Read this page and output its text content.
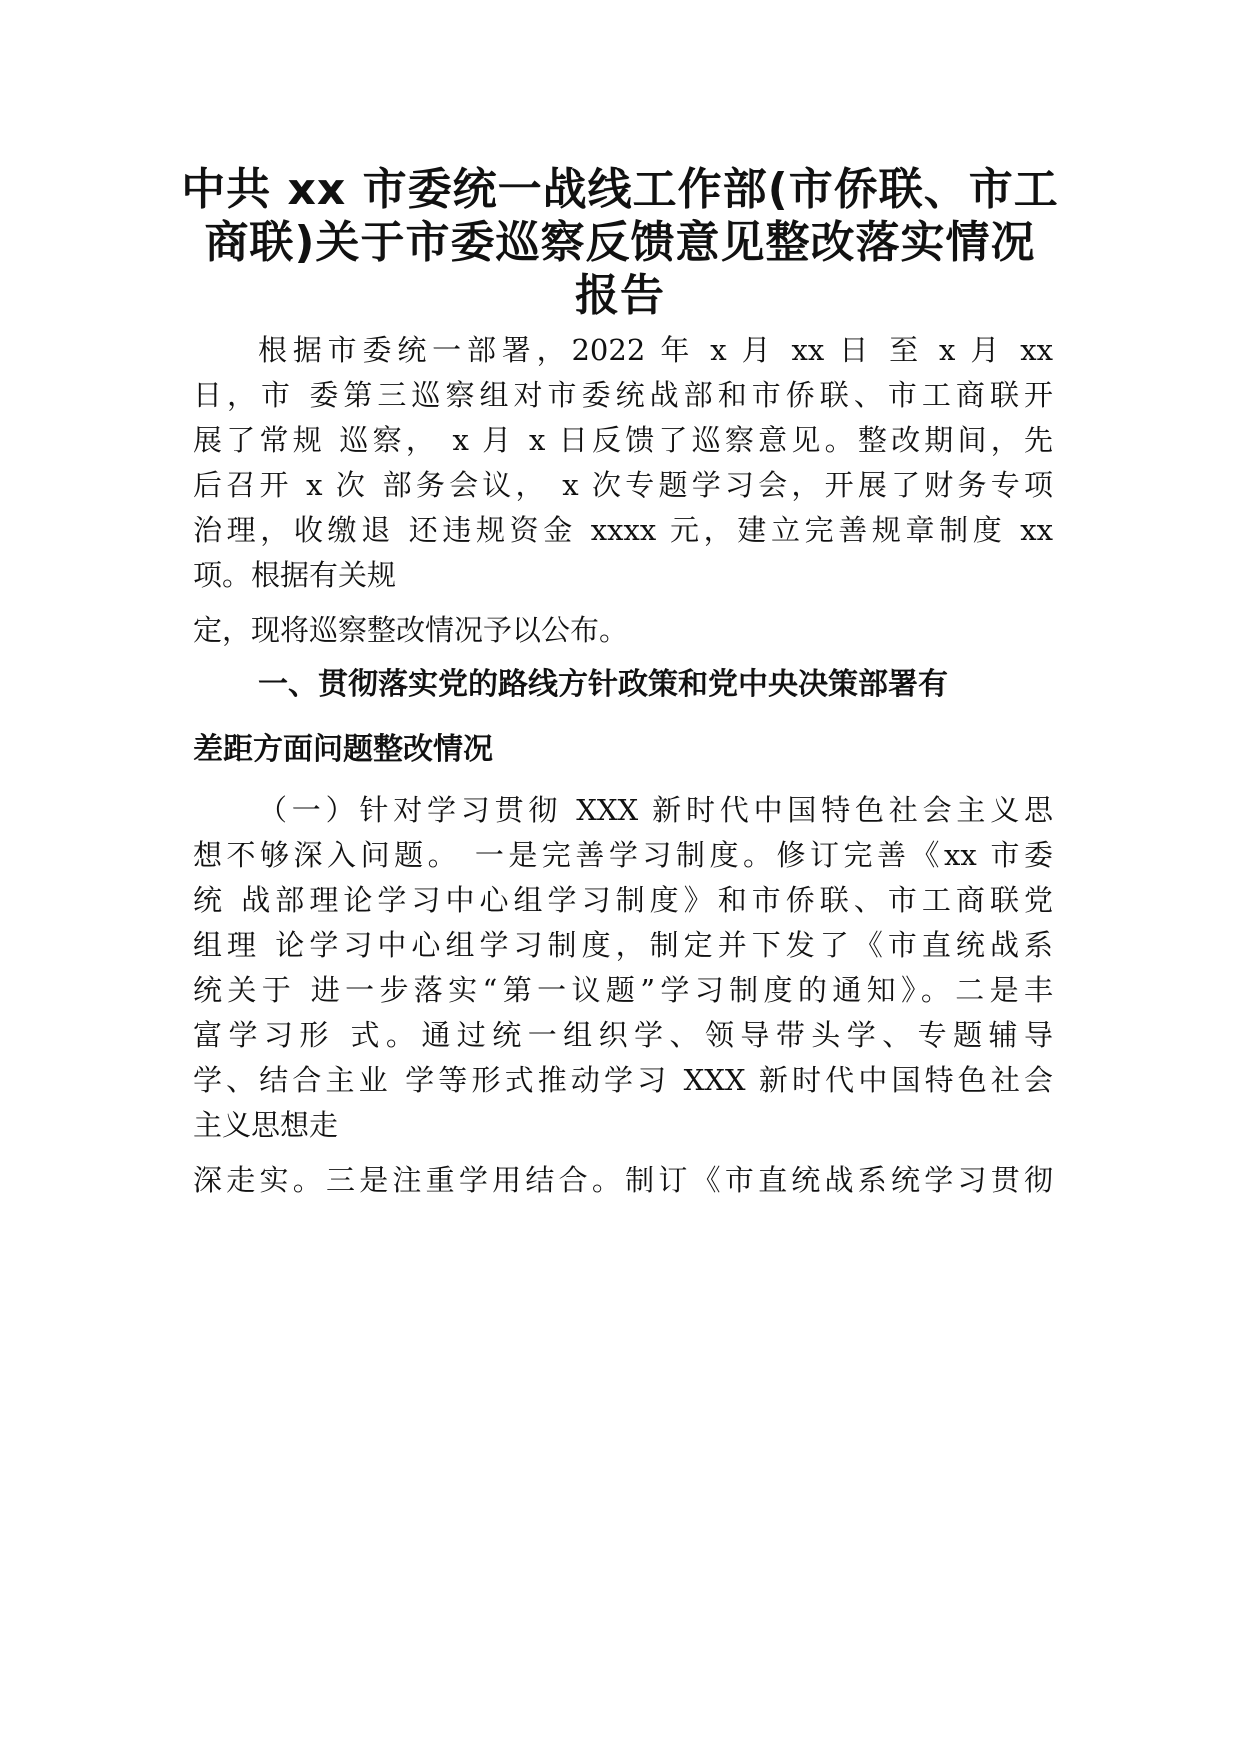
中共 xx 市委统一战线工作部(市侨联、市工
商联)关于市委巡察反馈意见整改落实情况
报告
根据市委统一部署，2022 年 x 月 xx 日 至 x 月 xx
日，市 委第三巡察组对市委统战部和市侨联、市工商联开
展了常规 巡察， x 月 x 日反馈了巡察意见。整改期间，先
后召开 x 次 部务会议， x 次专题学习会，开展了财务专项
治理，收缴退 还违规资金 xxxx 元，建立完善规章制度 xx
项。根据有关规
定，现将巡察整改情况予以公布。
一、贯彻落实党的路线方针政策和党中央决策部署有
差距方面问题整改情况
（一）针对学习贯彻 XXX 新时代中国特色社会主义思
想不够深入问题。 一是完善学习制度。修订完善《xx 市委
统 战部理论学习中心组学习制度》和市侨联、市工商联党
组理 论学习中心组学习制度，制定并下发了《市直统战系
统关于 进一步落实“第一议题”学习制度的通知》。二是丰
富学习形 式。通过统一组织学、领导带头学、专题辅导
学、结合主业 学等形式推动学习 XXX 新时代中国特色社会
主义思想走
深走实。三是注重学用结合。制订《市直统战系统学习贯彻
